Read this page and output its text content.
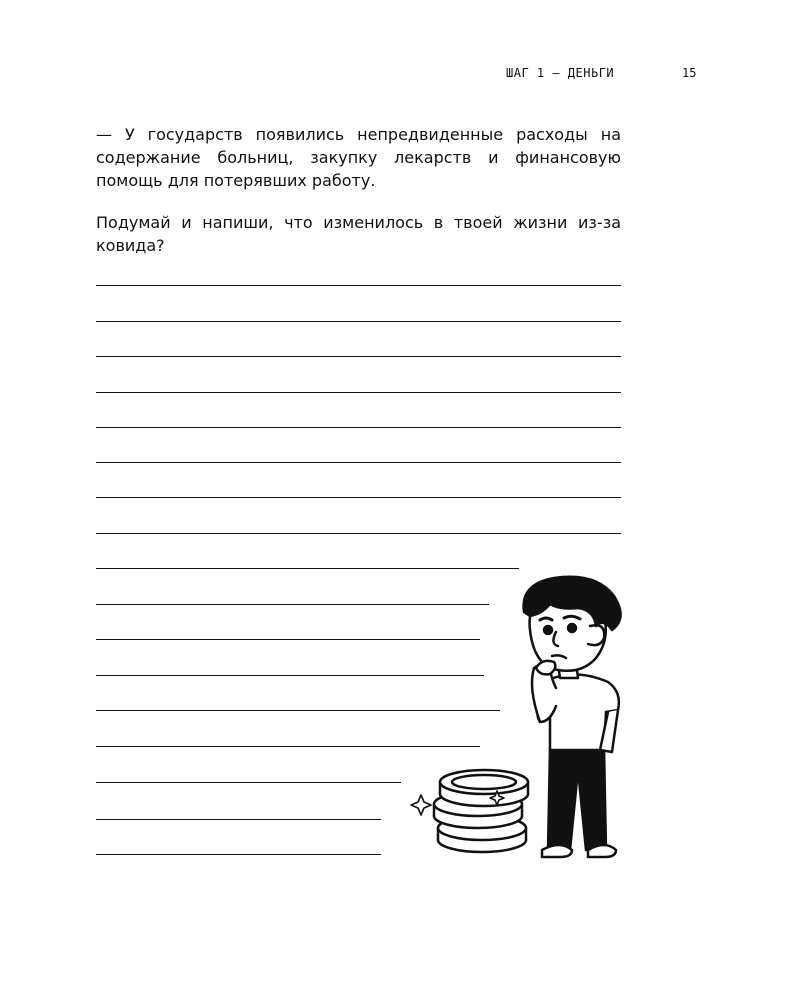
ШАГ 1 — ДЕНЬГИ	15

— У государств появились непредвиденные расходы на содержание больниц, закупку лекарств и финансовую помощь для потерявших работу.

Подумай и напиши, что изменилось в твоей жизни из-за ковида?
